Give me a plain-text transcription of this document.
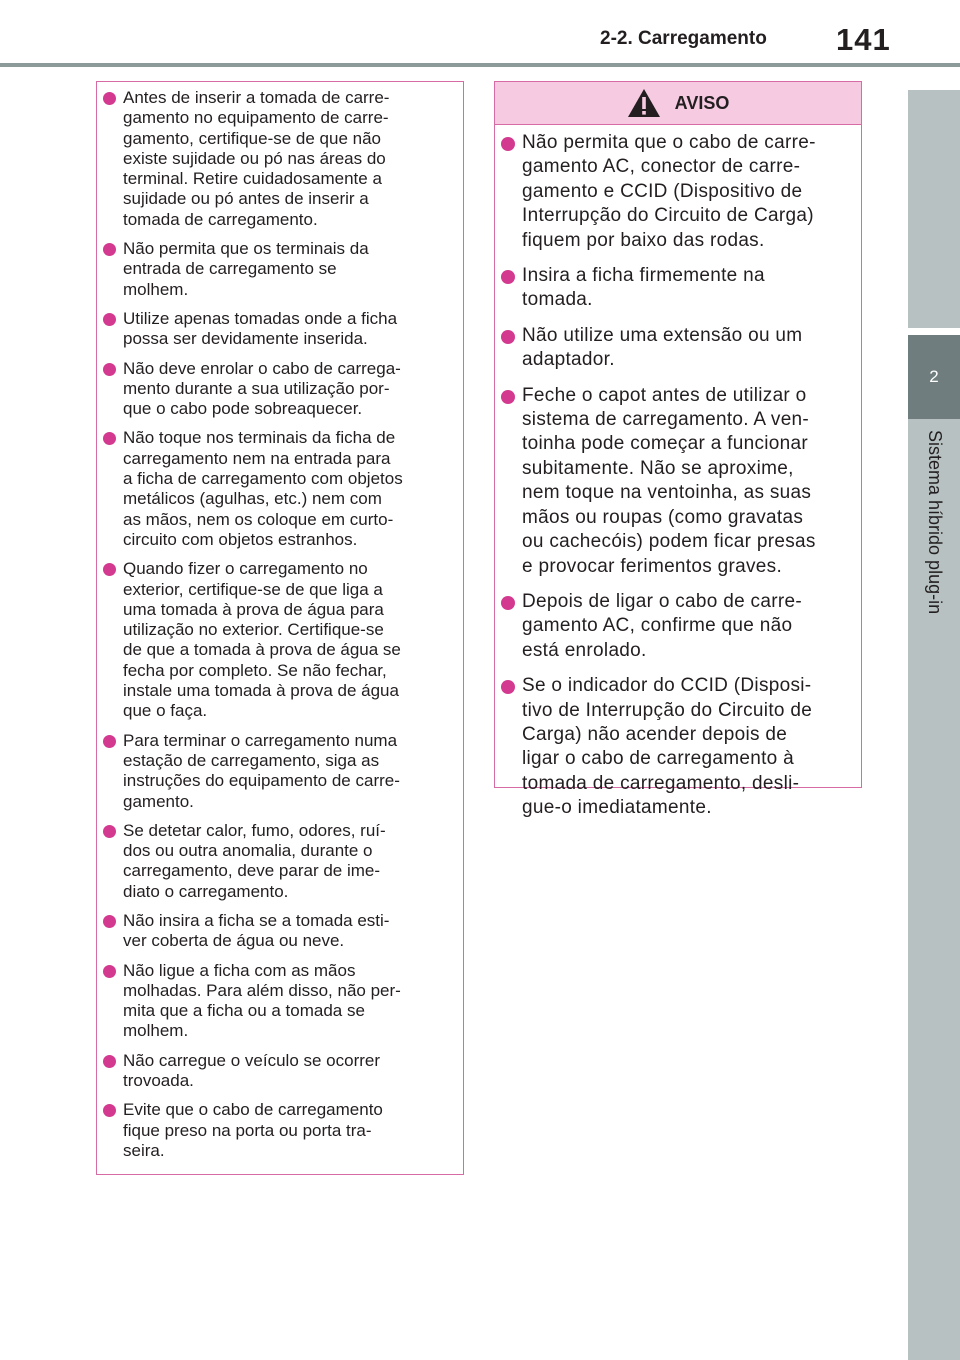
2-2. Carregamento	141
2
Sistema híbrido plug-in
Antes de inserir a tomada de carre-
gamento no equipamento de carre-
gamento, certifique-se de que não
existe sujidade ou pó nas áreas do
terminal. Retire cuidadosamente a
sujidade ou pó antes de inserir a
tomada de carregamento.
Não permita que os terminais da
entrada de carregamento se
molhem.
Utilize apenas tomadas onde a ficha
possa ser devidamente inserida.
Não deve enrolar o cabo de carrega-
mento durante a sua utilização por-
que o cabo pode sobreaquecer.
Não toque nos terminais da ficha de
carregamento nem na entrada para
a ficha de carregamento com objetos
metálicos (agulhas, etc.) nem com
as mãos, nem os coloque em curto-
circuito com objetos estranhos.
Quando fizer o carregamento no
exterior, certifique-se de que liga a
uma tomada à prova de água para
utilização no exterior. Certifique-se
de que a tomada à prova de água se
fecha por completo. Se não fechar,
instale uma tomada à prova de água
que o faça.
Para terminar o carregamento numa
estação de carregamento, siga as
instruções do equipamento de carre-
gamento.
Se detetar calor, fumo, odores, ruí-
dos ou outra anomalia, durante o
carregamento, deve parar de ime-
diato o carregamento.
Não insira a ficha se a tomada esti-
ver coberta de água ou neve.
Não ligue a ficha com as mãos
molhadas. Para além disso, não per-
mita que a ficha ou a tomada se
molhem.
Não carregue o veículo se ocorrer
trovoada.
Evite que o cabo de carregamento
fique preso na porta ou porta tra-
seira.
AVISO
Não permita que o cabo de carre-
gamento AC, conector de carre-
gamento e CCID (Dispositivo de
Interrupção do Circuito de Carga)
fiquem por baixo das rodas.
Insira a ficha firmemente na
tomada.
Não utilize uma extensão ou um
adaptador.
Feche o capot antes de utilizar o
sistema de carregamento. A ven-
toinha pode começar a funcionar
subitamente. Não se aproxime,
nem toque na ventoinha, as suas
mãos ou roupas (como gravatas
ou cachecóis) podem ficar presas
e provocar ferimentos graves.
Depois de ligar o cabo de carre-
gamento AC, confirme que não
está enrolado.
Se o indicador do CCID (Disposi-
tivo de Interrupção do Circuito de
Carga) não acender depois de
ligar o cabo de carregamento à
tomada de carregamento, desli-
gue-o imediatamente.
